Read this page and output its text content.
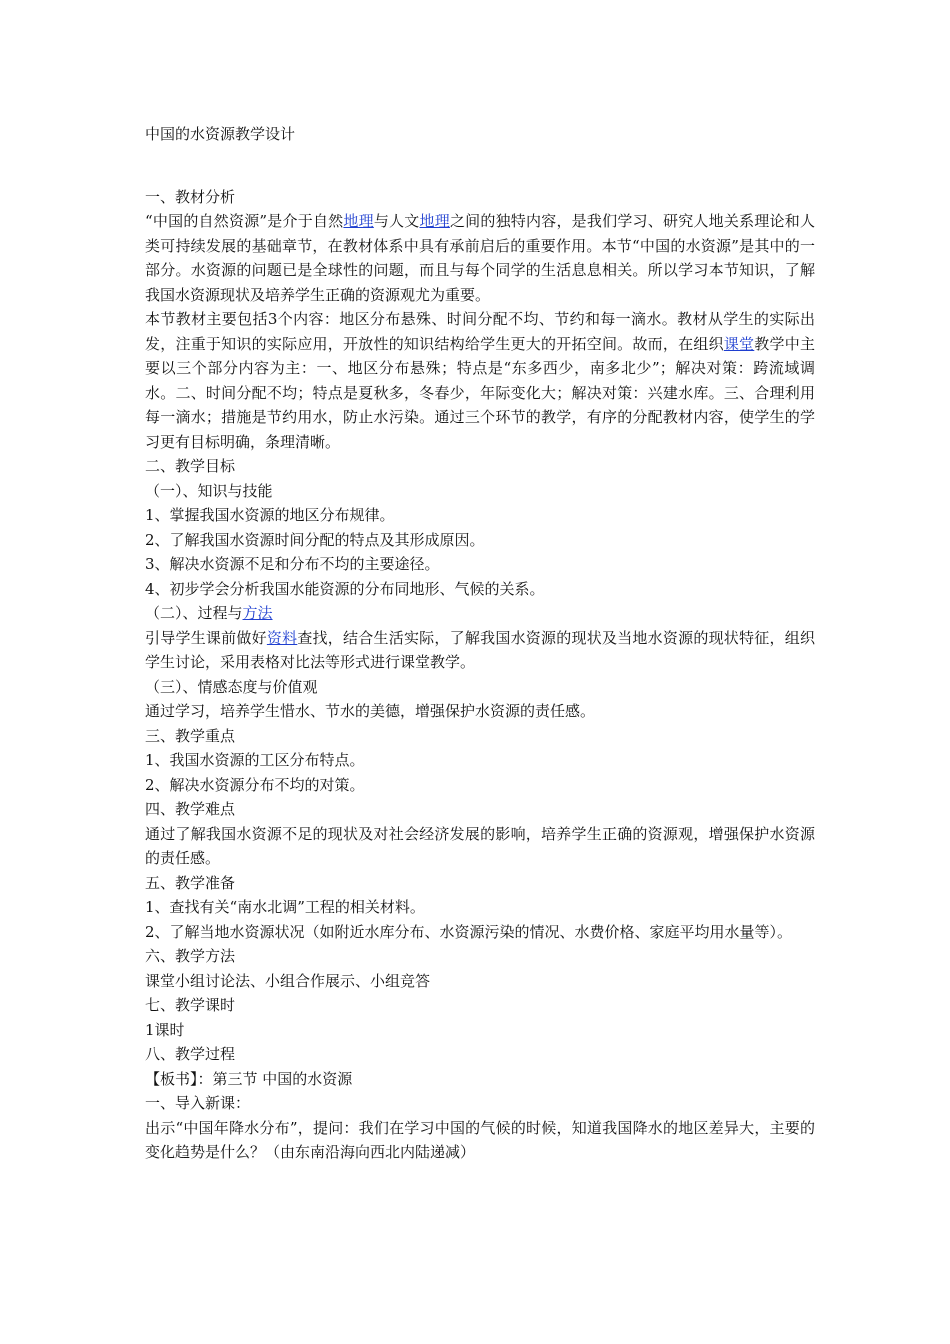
中国的水资源教学设计

一、教材分析

“中国的自然资源”是介于自然地理与人文地理之间的独特内容，是我们学习、研究人地关系理论和人类可持续发展的基础章节，在教材体系中具有承前启后的重要作用。本节“中国的水资源”是其中的一部分。水资源的问题已是全球性的问题，而且与每个同学的生活息息相关。所以学习本节知识，了解我国水资源现状及培养学生正确的资源观尤为重要。

本节教材主要包括3个内容：地区分布悬殊、时间分配不均、节约和每一滴水。教材从学生的实际出发，注重于知识的实际应用，开放性的知识结构给学生更大的开拓空间。故而，在组织课堂教学中主要以三个部分内容为主：一、地区分布悬殊；特点是“东多西少，南多北少”；解决对策：跨流域调水。二、时间分配不均；特点是夏秋多，冬春少，年际变化大；解决对策：兴建水库。三、合理利用每一滴水；措施是节约用水，防止水污染。通过三个环节的教学，有序的分配教材内容，使学生的学习更有目标明确，条理清晰。

二、教学目标

（一）、知识与技能

1、掌握我国水资源的地区分布规律。

2、了解我国水资源时间分配的特点及其形成原因。

3、解决水资源不足和分布不均的主要途径。

4、初步学会分析我国水能资源的分布同地形、气候的关系。

（二）、过程与方法

引导学生课前做好资料查找，结合生活实际，了解我国水资源的现状及当地水资源的现状特征，组织学生讨论，采用表格对比法等形式进行课堂教学。

（三）、情感态度与价值观

通过学习，培养学生惜水、节水的美德，增强保护水资源的责任感。

三、教学重点

1、我国水资源的工区分布特点。

2、解决水资源分布不均的对策。

四、教学难点

通过了解我国水资源不足的现状及对社会经济发展的影响，培养学生正确的资源观，增强保护水资源的责任感。

五、教学准备

1、查找有关“南水北调”工程的相关材料。

2、了解当地水资源状况（如附近水库分布、水资源污染的情况、水费价格、家庭平均用水量等）。

六、教学方法

课堂小组讨论法、小组合作展示、小组竞答

七、教学课时

1课时

八、教学过程

【板书】：第三节 中国的水资源

一、导入新课：

出示“中国年降水分布”，提问：我们在学习中国的气候的时候，知道我国降水的地区差异大，主要的变化趋势是什么？（由东南沿海向西北内陆递减）
